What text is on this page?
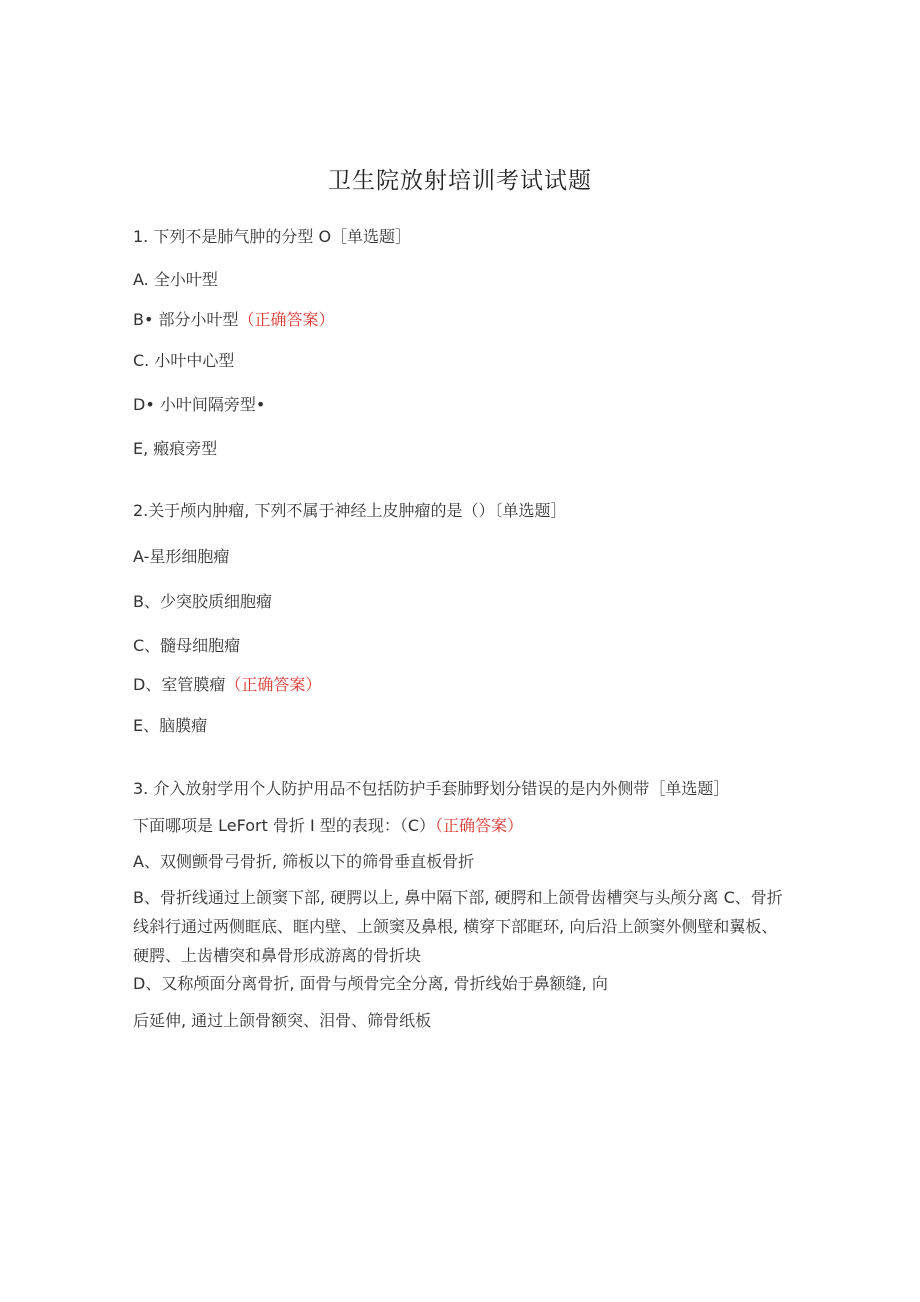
卫生院放射培训考试试题
1. 下列不是肺气肿的分型 O［单选题］
A. 全小叶型
B• 部分小叶型（正确答案）
C. 小叶中心型
D• 小叶间隔旁型•
E, 瘢痕旁型
2.关于颅内肿瘤, 下列不属于神经上皮肿瘤的是（）〔单选题］
A-星形细胞瘤
B、少突胶质细胞瘤
C、髓母细胞瘤
D、室管膜瘤（正确答案）
E、脑膜瘤
3. 介入放射学用个人防护用品不包括防护手套肺野划分错误的是内外侧带［单选题］
下面哪项是 LeFort 骨折 I 型的表现：（C）（正确答案）
A、双侧颤骨弓骨折, 筛板以下的筛骨垂直板骨折
B、骨折线通过上颌窦下部, 硬腭以上, 鼻中隔下部, 硬腭和上颌骨齿槽突与头颅分离 C、骨折线斜行通过两侧眶底、眶内壁、上颌窦及鼻根, 横穿下部眶环, 向后沿上颌窦外侧壁和翼板、硬腭、上齿槽突和鼻骨形成游离的骨折块
D、又称颅面分离骨折, 面骨与颅骨完全分离, 骨折线始于鼻额缝, 向
后延伸, 通过上颌骨额突、泪骨、筛骨纸板
